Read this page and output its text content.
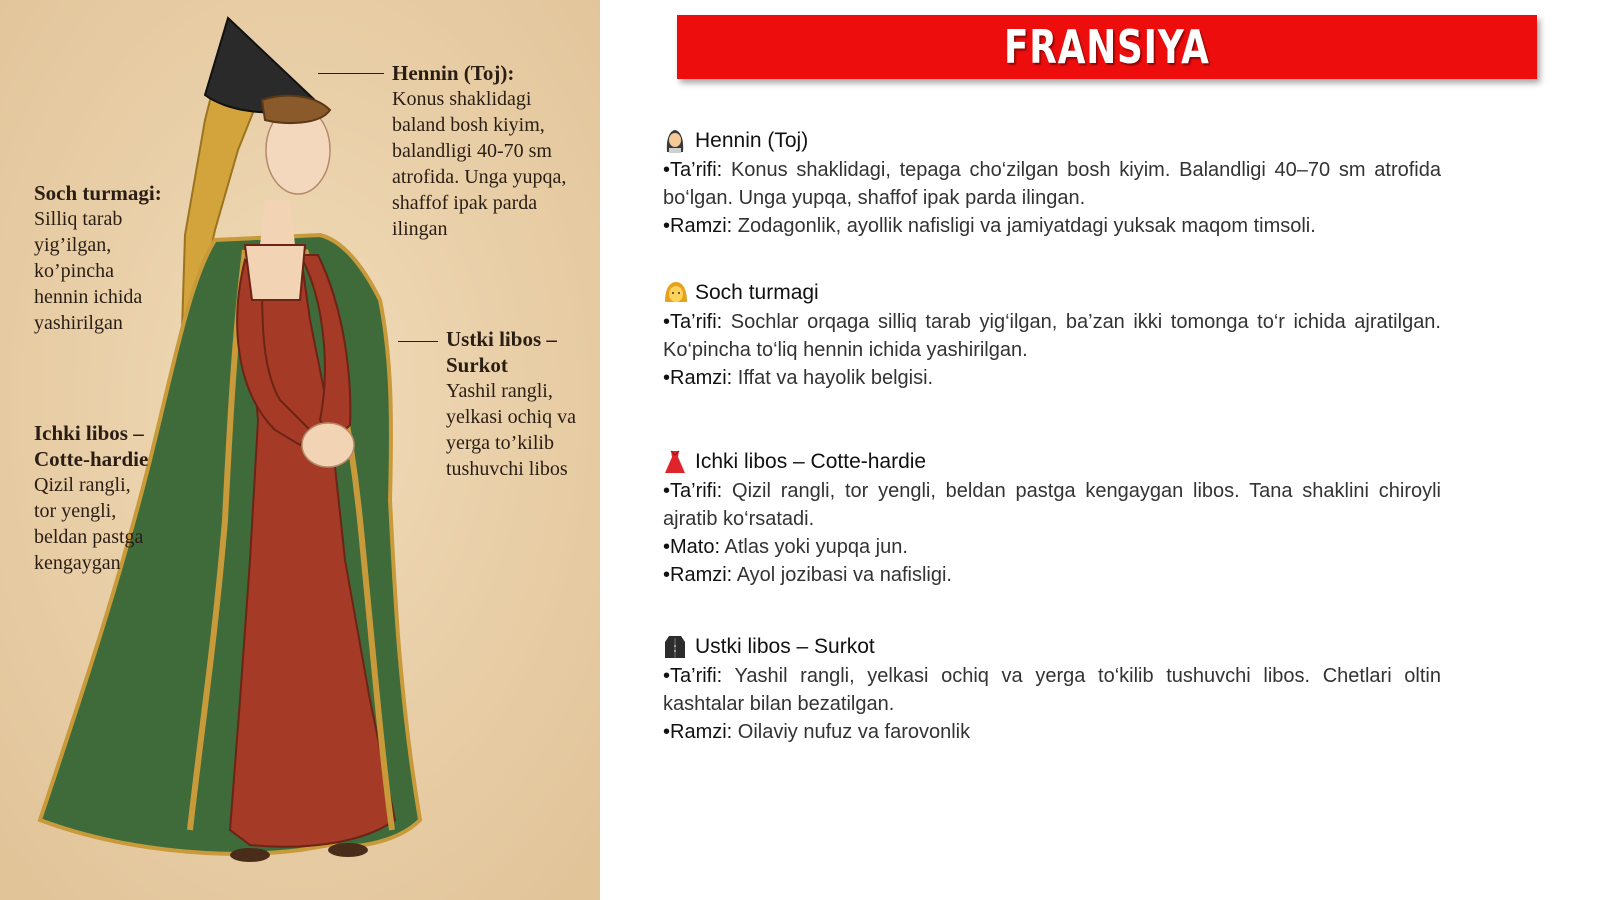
Hennin (Toj):
Konus shaklidagi
baland bosh kiyim,
balandligi 40-70 sm
atrofida. Unga yupqa,
shaffof ipak parda
ilingan
Soch turmagi:
Silliq tarab
yig’ilgan,
ko’pincha
hennin ichida
yashirilgan
Ustki libos –
Surkot
Yashil rangli,
yelkasi ochiq va
yerga to’kilib
tushuvchi libos
Ichki libos –
Cotte-hardie
Qizil rangli,
tor yengli,
beldan pastga
kengaygan
FRANSIYA
Hennin (Toj)
•Ta’rifi: Konus shaklidagi, tepaga cho‘zilgan bosh kiyim. Balandligi 40–70 sm atrofida bo‘lgan. Unga yupqa, shaffof ipak parda ilingan.
•Ramzi: Zodagonlik, ayollik nafisligi va jamiyatdagi yuksak maqom timsoli.
Soch turmagi
•Ta’rifi: Sochlar orqaga silliq tarab yig‘ilgan, ba’zan ikki tomonga to‘r ichida ajratilgan. Ko‘pincha to‘liq hennin ichida yashirilgan.
•Ramzi: Iffat va hayolik belgisi.
Ichki libos – Cotte-hardie
•Ta’rifi: Qizil rangli, tor yengli, beldan pastga kengaygan libos. Tana shaklini chiroyli ajratib ko‘rsatadi.
•Mato: Atlas yoki yupqa jun.
•Ramzi: Ayol jozibasi va nafisligi.
Ustki libos – Surkot
•Ta’rifi: Yashil rangli, yelkasi ochiq va yerga to‘kilib tushuvchi libos. Chetlari oltin kashtalar bilan bezatilgan.
•Ramzi: Oilaviy nufuz va farovonlik
